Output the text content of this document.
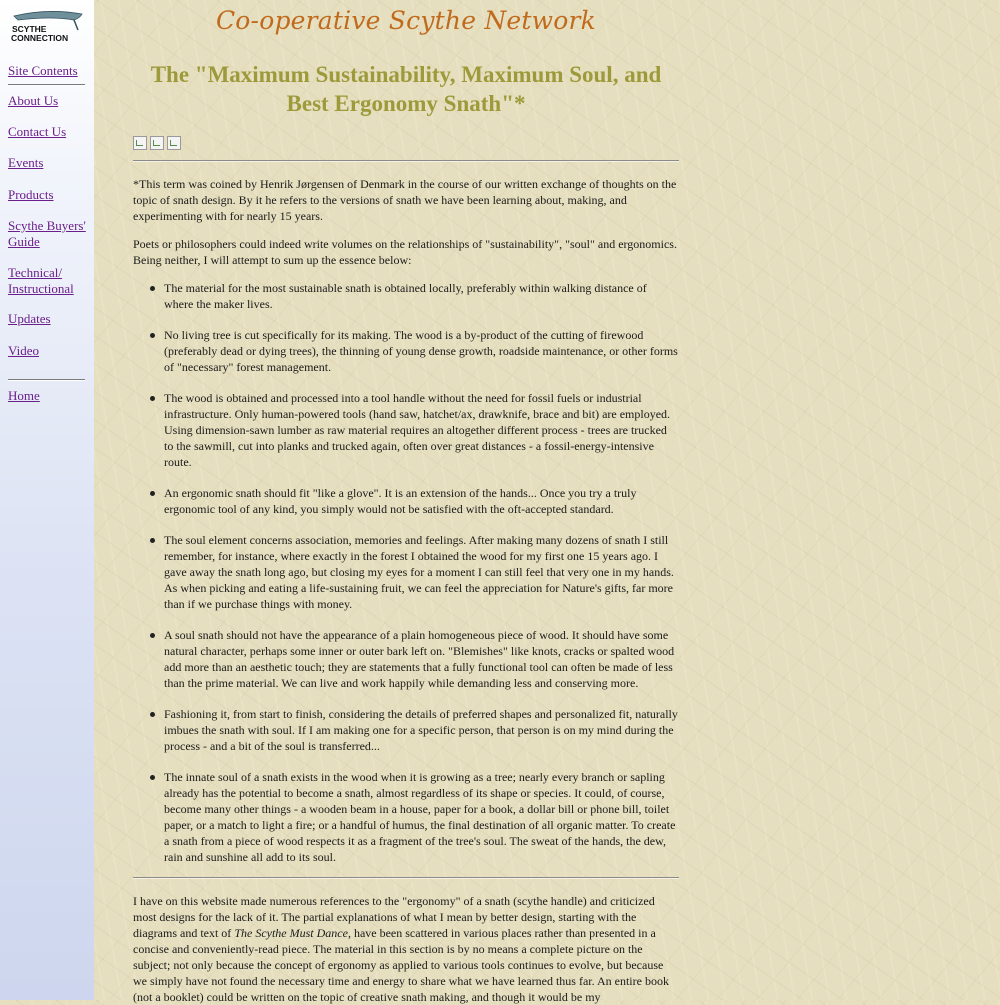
SCYTHE
CONNECTION
Site Contents
About Us
Contact Us
Events
Products
Scythe Buyers' Guide
Technical/ Instructional
Updates
Video
Home
Co-operative Scythe Network
The "Maximum Sustainability, Maximum Soul, and Best Ergonomy Snath"*

*This term was coined by Henrik Jørgensen of Denmark in the course of our written exchange of thoughts on the topic of snath design. By it he refers to the versions of snath we have been learning about, making, and experimenting with for nearly 15 years.

Poets or philosophers could indeed write volumes on the relationships of "sustainability", "soul" and ergonomics. Being neither, I will attempt to sum up the essence below:

The material for the most sustainable snath is obtained locally, preferably within walking distance of where the maker lives.
No living tree is cut specifically for its making. The wood is a by-product of the cutting of firewood (preferably dead or dying trees), the thinning of young dense growth, roadside maintenance, or other forms of "necessary" forest management.
The wood is obtained and processed into a tool handle without the need for fossil fuels or industrial infrastructure. Only human-powered tools (hand saw, hatchet/ax, drawknife, brace and bit) are employed. Using dimension-sawn lumber as raw material requires an altogether different process - trees are trucked to the sawmill, cut into planks and trucked again, often over great distances - a fossil-energy-intensive route.
An ergonomic snath should fit "like a glove". It is an extension of the hands... Once you try a truly ergonomic tool of any kind, you simply would not be satisfied with the oft-accepted standard.
The soul element concerns association, memories and feelings. After making many dozens of snath I still remember, for instance, where exactly in the forest I obtained the wood for my first one 15 years ago. I gave away the snath long ago, but closing my eyes for a moment I can still feel that very one in my hands. As when picking and eating a life-sustaining fruit, we can feel the appreciation for Nature's gifts, far more than if we purchase things with money.
A soul snath should not have the appearance of a plain homogeneous piece of wood. It should have some natural character, perhaps some inner or outer bark left on. "Blemishes" like knots, cracks or spalted wood add more than an aesthetic touch; they are statements that a fully functional tool can often be made of less than the prime material. We can live and work happily while demanding less and conserving more.
Fashioning it, from start to finish, considering the details of preferred shapes and personalized fit, naturally imbues the snath with soul. If I am making one for a specific person, that person is on my mind during the process - and a bit of the soul is transferred...
The innate soul of a snath exists in the wood when it is growing as a tree; nearly every branch or sapling already has the potential to become a snath, almost regardless of its shape or species. It could, of course, become many other things - a wooden beam in a house, paper for a book, a dollar bill or phone bill, toilet paper, or a match to light a fire; or a handful of humus, the final destination of all organic matter. To create a snath from a piece of wood respects it as a fragment of the tree's soul. The sweat of the hands, the dew, rain and sunshine all add to its soul.

I have on this website made numerous references to the "ergonomy" of a snath (scythe handle) and criticized most designs for the lack of it. The partial explanations of what I mean by better design, starting with the diagrams and text of The Scythe Must Dance, have been scattered in various places rather than presented in a concise and conveniently-read piece. The material in this section is by no means a complete picture on the subject; not only because the concept of ergonomy as applied to various tools continues to evolve, but because we simply have not found the necessary time and energy to share what we have learned thus far. An entire book (not a booklet) could be written on the topic of creative snath making, and though it would be my
